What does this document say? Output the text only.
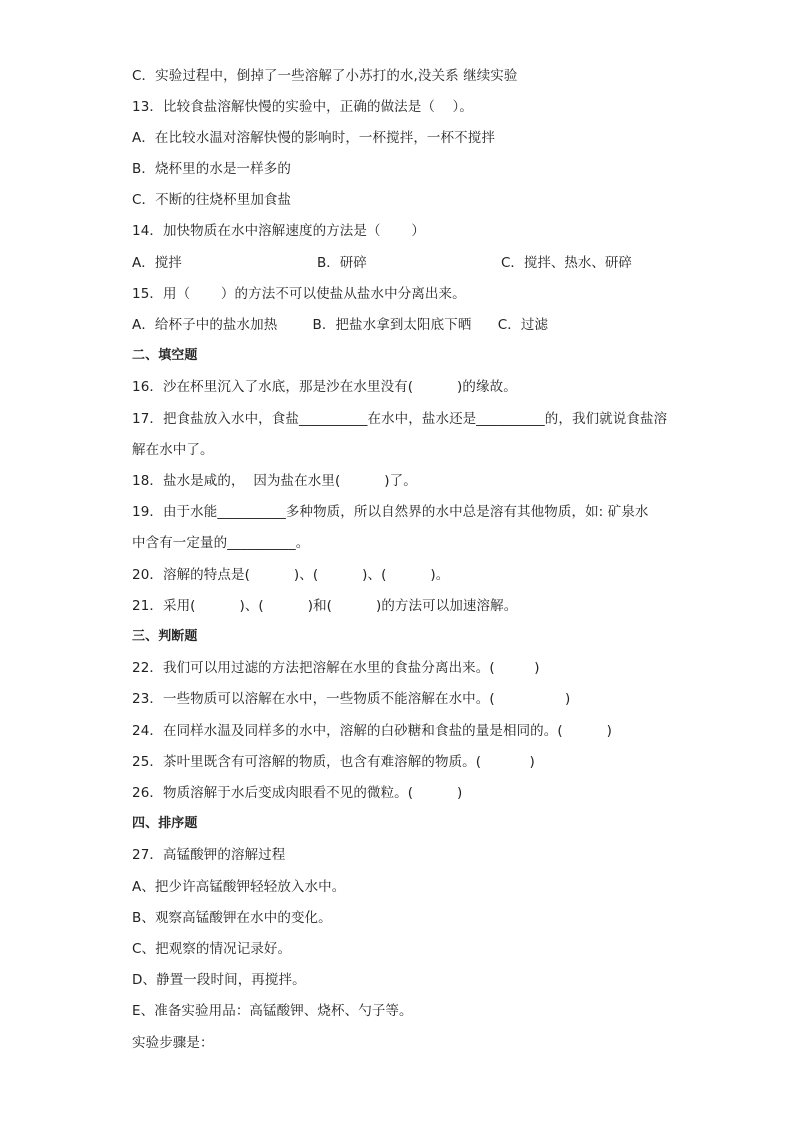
C．实验过程中，倒掉了一些溶解了小苏打的水,没关系 继续实验
13．比较食盐溶解快慢的实验中，正确的做法是（    ）。
A．在比较水温对溶解快慢的影响时，一杯搅拌，一杯不搅拌
B．烧杯里的水是一样多的
C．不断的往烧杯里加食盐
14．加快物质在水中溶解速度的方法是（       ）
A．搅拌	B．研碎	C．搅拌、热水、研碎
15．用（       ）的方法不可以使盐从盐水中分离出来。
A．给杯子中的盐水加热        B．把盐水拿到太阳底下晒      C．过滤
二、填空题
16．沙在杯里沉入了水底，那是沙在水里没有(          )的缘故。
17．把食盐放入水中，食盐__________在水中，盐水还是__________的，我们就说食盐溶
解在水中了。
18．盐水是咸的，  因为盐在水里(          )了。
19．由于水能__________多种物质，所以自然界的水中总是溶有其他物质，如: 矿泉水
中含有一定量的__________。
20．溶解的特点是(          )、(          )、(          )。
21．采用(          )、(          )和(          )的方法可以加速溶解。
三、判断题
22．我们可以用过滤的方法把溶解在水里的食盐分离出来。(         )
23．一些物质可以溶解在水中，一些物质不能溶解在水中。(                )
24．在同样水温及同样多的水中，溶解的白砂糖和食盐的量是相同的。(          )
25．茶叶里既含有可溶解的物质，也含有难溶解的物质。(           )
26．物质溶解于水后变成肉眼看不见的微粒。(          )
四、排序题
27．高锰酸钾的溶解过程
A、把少许高锰酸钾轻轻放入水中。
B、观察高锰酸钾在水中的变化。
C、把观察的情况记录好。
D、静置一段时间，再搅拌。
E、准备实验用品：高锰酸钾、烧杯、勺子等。
实验步骤是：
